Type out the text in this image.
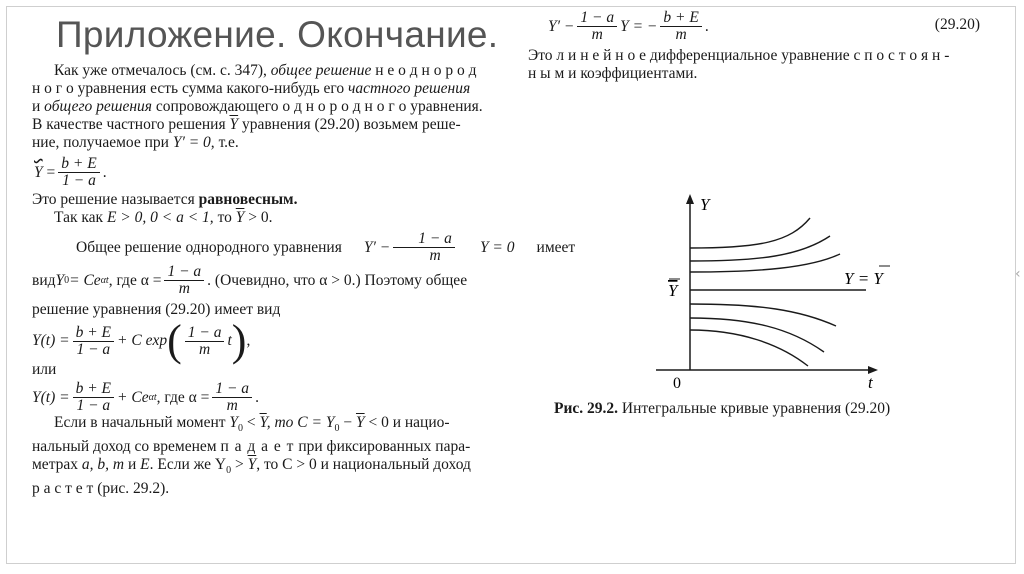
‹
Приложение. Окончание.	$Y' - \frac{1 - a}{m}$ Y = − $\frac{b + E}{m}$ .	(29.20)

Это л и н е й н о е дифференциальное уравнение с п о с т о я н -

н ы м и коэффициентами.

Как уже отмечалось (см. с. 347), общее решение н е о д н о р о д

н о г о уравнения есть сумма какого-нибудь его частного решения

и общего решения сопровождающего о д н о р о д н о г о уравнения.

В качестве частного решения $\overline{Y}$ уравнения (29.20) возьмем реше-

ние, получаемое при Y′ = 0, т.е.

$Y = \frac{b + E}{1 - a}$ .

Это решение называется равновесным.

Так как E > 0, 0 < a < 1, то $\overline{Y} > 0$.

Общее решение однородного уравнения	$Y' - \frac{1 - a}{m}$	Y = 0	имеет
вид Y 0 = Ce αt , где $\alpha = \frac{1 - a}{m}$ . (Очевидно, что α > 0.) Поэтому общее

решение уравнения (29.20) имеет вид

$Y(t) = \frac{b + E}{1 - a} + C$ exp ( $\frac{1 - a}{m}$ t ) ,

или

$Y(t) = \frac{b + E}{1 - a} + Ce$ αt , где $\alpha = \frac{1 - a}{m}$ .

Если в начальный момент $Y_0 < \overline{Y}$, то $C = Y_0 - \overline{Y} < 0$ и нацио-

нальный доход со временем п а д а е т при фиксированных пара-

метрах a, b, m и E. Если же $Y_0 > \overline{Y}$, то C > 0 и национальный доход

р а с т е т (рис. 29.2).

Y
t
0
Y
Y = Y
Рис. 29.2. Интегральные кривые уравнения (29.20)
